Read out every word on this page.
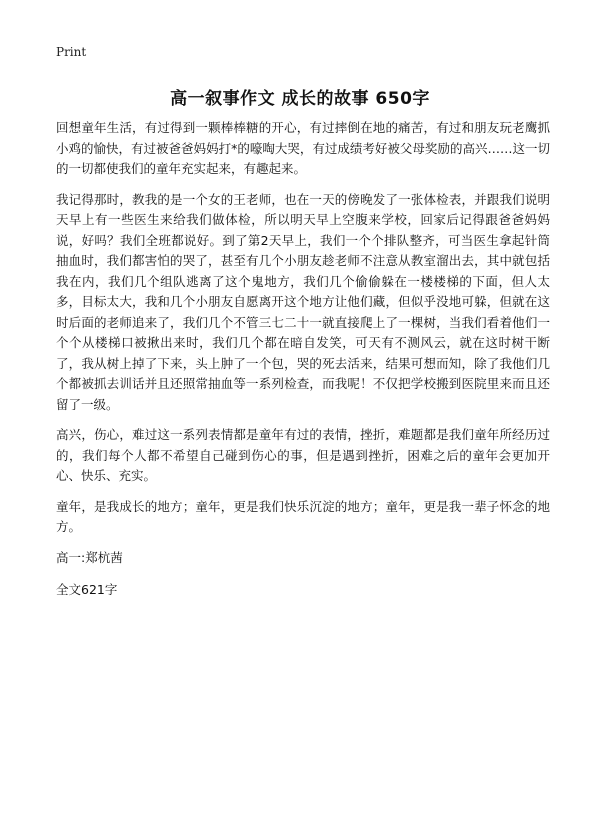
Print
高一叙事作文 成长的故事 650字

回想童年生活，有过得到一颗棒棒糖的开心，有过摔倒在地的痛苦，有过和朋友玩老鹰抓小鸡的愉快，有过被爸爸妈妈打*的嚎啕大哭，有过成绩考好被父母奖励的高兴……这一切的一切都使我们的童年充实起来，有趣起来。

我记得那时，教我的是一个女的王老师，也在一天的傍晚发了一张体检表，并跟我们说明天早上有一些医生来给我们做体检，所以明天早上空腹来学校，回家后记得跟爸爸妈妈说，好吗？我们全班都说好。到了第2天早上，我们一个个排队整齐，可当医生拿起针筒抽血时，我们都害怕的哭了，甚至有几个小朋友趁老师不注意从教室溜出去，其中就包括我在内，我们几个组队逃离了这个鬼地方，我们几个偷偷躲在一楼楼梯的下面，但人太多，目标太大，我和几个小朋友自愿离开这个地方让他们藏，但似乎没地可躲，但就在这时后面的老师追来了，我们几个不管三七二十一就直接爬上了一棵树，当我们看着他们一个个从楼梯口被揪出来时，我们几个都在暗自发笑，可天有不测风云，就在这时树干断了，我从树上掉了下来，头上肿了一个包，哭的死去活来，结果可想而知，除了我他们几个都被抓去训话并且还照常抽血等一系列检查，而我呢！不仅把学校搬到医院里来而且还留了一级。

高兴，伤心，难过这一系列表情都是童年有过的表情，挫折，难题都是我们童年所经历过的，我们每个人都不希望自己碰到伤心的事，但是遇到挫折，困难之后的童年会更加开心、快乐、充实。

童年，是我成长的地方；童年，更是我们快乐沉淀的地方；童年，更是我一辈子怀念的地方。

高一:郑杭茜

全文621字
